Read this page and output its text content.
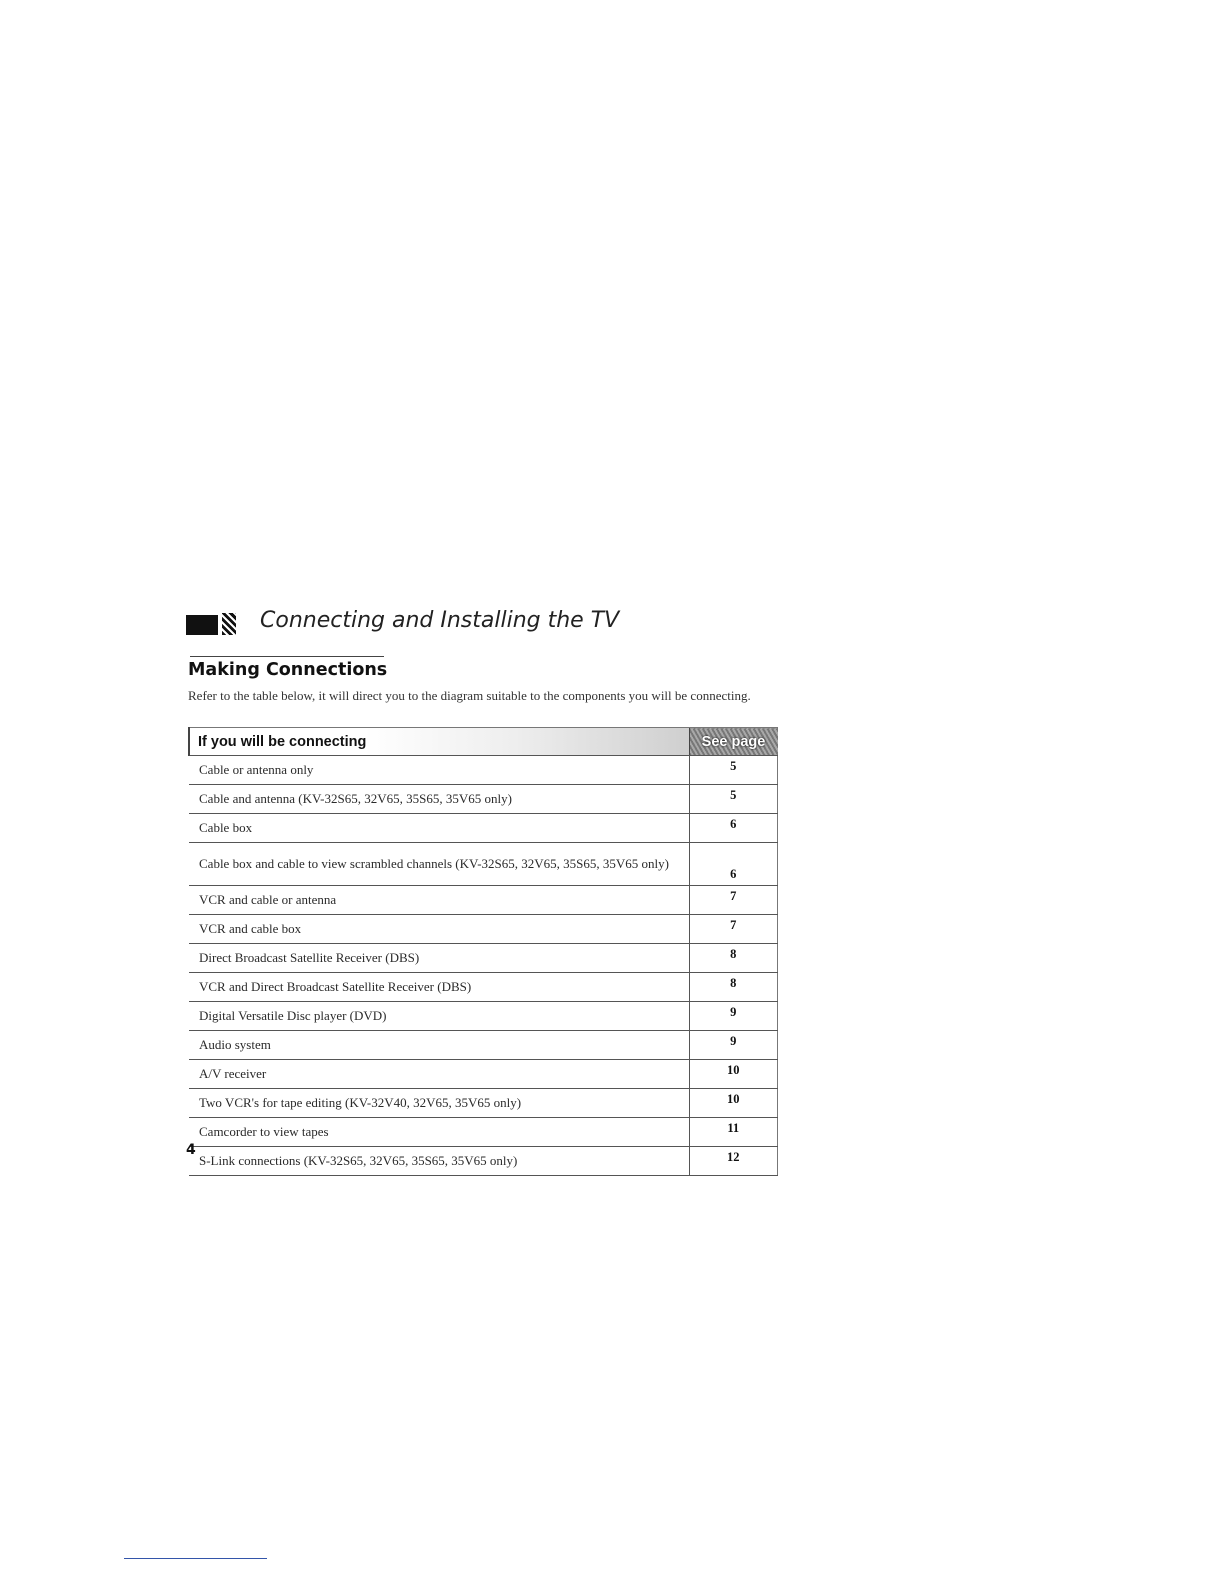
Connecting and Installing the TV
Making Connections

Refer to the table below, it will direct you to the diagram suitable to the components you will be connecting.

If you will be connecting	See page
Cable or antenna only	5
Cable and antenna (KV-32S65, 32V65, 35S65, 35V65 only)	5
Cable box	6
Cable box and cable to view scrambled channels (KV-32S65, 32V65, 35S65, 35V65 only)	6
VCR and cable or antenna	7
VCR and cable box	7
Direct Broadcast Satellite Receiver (DBS)	8
VCR and Direct Broadcast Satellite Receiver (DBS)	8
Digital Versatile Disc player (DVD)	9
Audio system	9
A/V receiver	10
Two VCR's for tape editing (KV-32V40, 32V65, 35V65 only)	10
Camcorder to view tapes	11
S-Link connections (KV-32S65, 32V65, 35S65, 35V65 only)	12

4
